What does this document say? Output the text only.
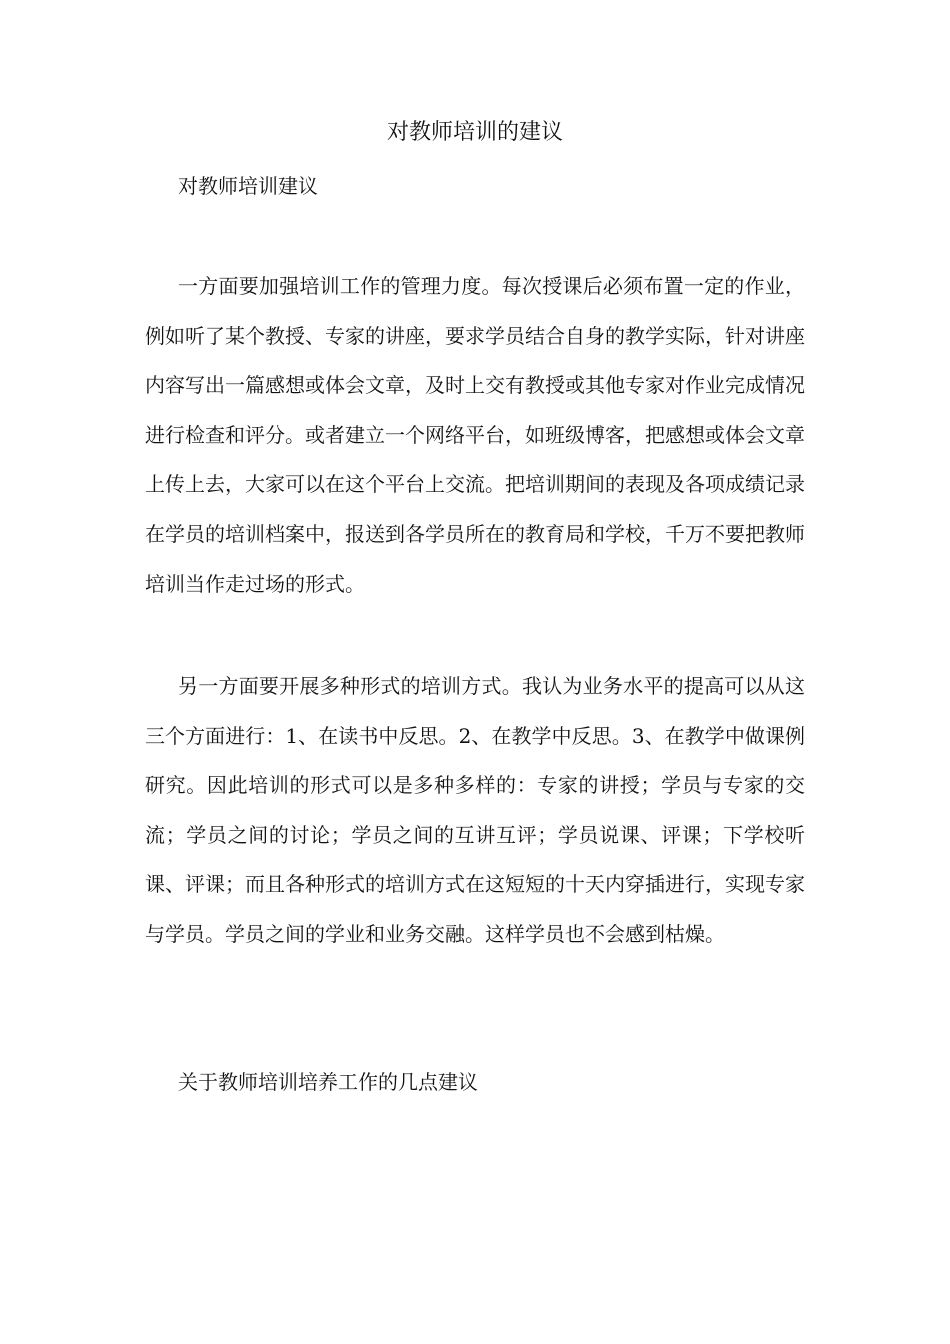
对教师培训的建议

对教师培训建议

一方面要加强培训工作的管理力度。每次授课后必须布置一定的作业，例如听了某个教授、专家的讲座，要求学员结合自身的教学实际，针对讲座内容写出一篇感想或体会文章，及时上交有教授或其他专家对作业完成情况进行检查和评分。或者建立一个网络平台，如班级博客，把感想或体会文章上传上去，大家可以在这个平台上交流。把培训期间的表现及各项成绩记录在学员的培训档案中，报送到各学员所在的教育局和学校，千万不要把教师培训当作走过场的形式。

另一方面要开展多种形式的培训方式。我认为业务水平的提高可以从这三个方面进行：1、在读书中反思。2、在教学中反思。3、在教学中做课例研究。因此培训的形式可以是多种多样的：专家的讲授；学员与专家的交流；学员之间的讨论；学员之间的互讲互评；学员说课、评课；下学校听课、评课；而且各种形式的培训方式在这短短的十天内穿插进行，实现专家与学员。学员之间的学业和业务交融。这样学员也不会感到枯燥。

关于教师培训培养工作的几点建议
